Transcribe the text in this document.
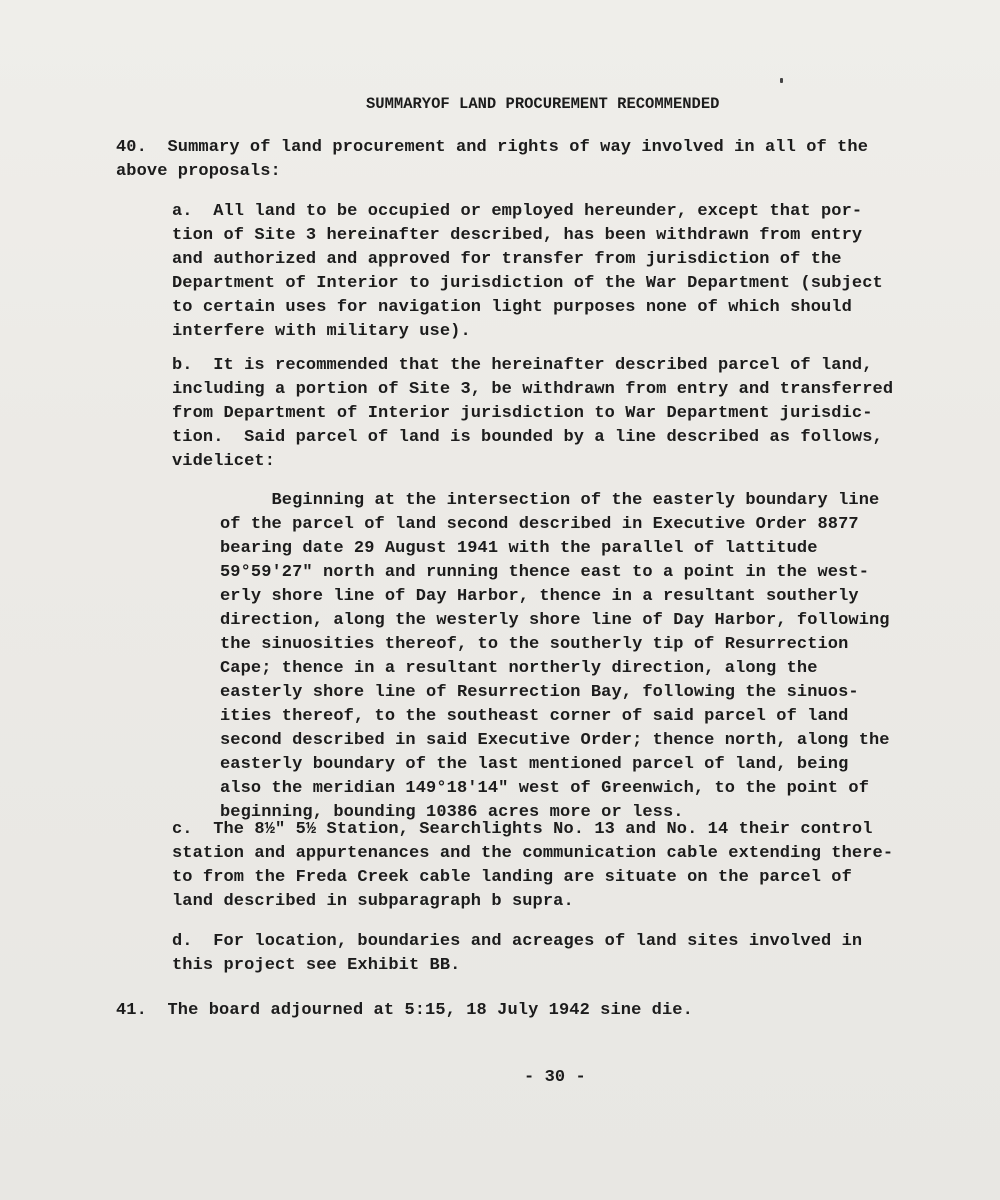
SUMMARYOF LAND PROCUREMENT RECOMMENDED
40.  Summary of land procurement and rights of way involved in all of the
above proposals:
a.  All land to be occupied or employed hereunder, except that por-
tion of Site 3 hereinafter described, has been withdrawn from entry
and authorized and approved for transfer from jurisdiction of the
Department of Interior to jurisdiction of the War Department (subject
to certain uses for navigation light purposes none of which should
interfere with military use).
b.  It is recommended that the hereinafter described parcel of land,
including a portion of Site 3, be withdrawn from entry and transferred
from Department of Interior jurisdiction to War Department jurisdic-
tion.  Said parcel of land is bounded by a line described as follows,
videlicet:
Beginning at the intersection of the easterly boundary line
of the parcel of land second described in Executive Order 8877
bearing date 29 August 1941 with the parallel of lattitude
59°59'27" north and running thence east to a point in the west-
erly shore line of Day Harbor, thence in a resultant southerly
direction, along the westerly shore line of Day Harbor, following
the sinuosities thereof, to the southerly tip of Resurrection
Cape; thence in a resultant northerly direction, along the
easterly shore line of Resurrection Bay, following the sinuos-
ities thereof, to the southeast corner of said parcel of land
second described in said Executive Order; thence north, along the
easterly boundary of the last mentioned parcel of land, being
also the meridian 149°18'14" west of Greenwich, to the point of
beginning, bounding 10386 acres more or less.
c.  The 8½" 5½ Station, Searchlights No. 13 and No. 14 their control
station and appurtenances and the communication cable extending there-
to from the Freda Creek cable landing are situate on the parcel of
land described in subparagraph b supra.
d.  For location, boundaries and acreages of land sites involved in
this project see Exhibit BB.
41.  The board adjourned at 5:15, 18 July 1942 sine die.
- 30 -
